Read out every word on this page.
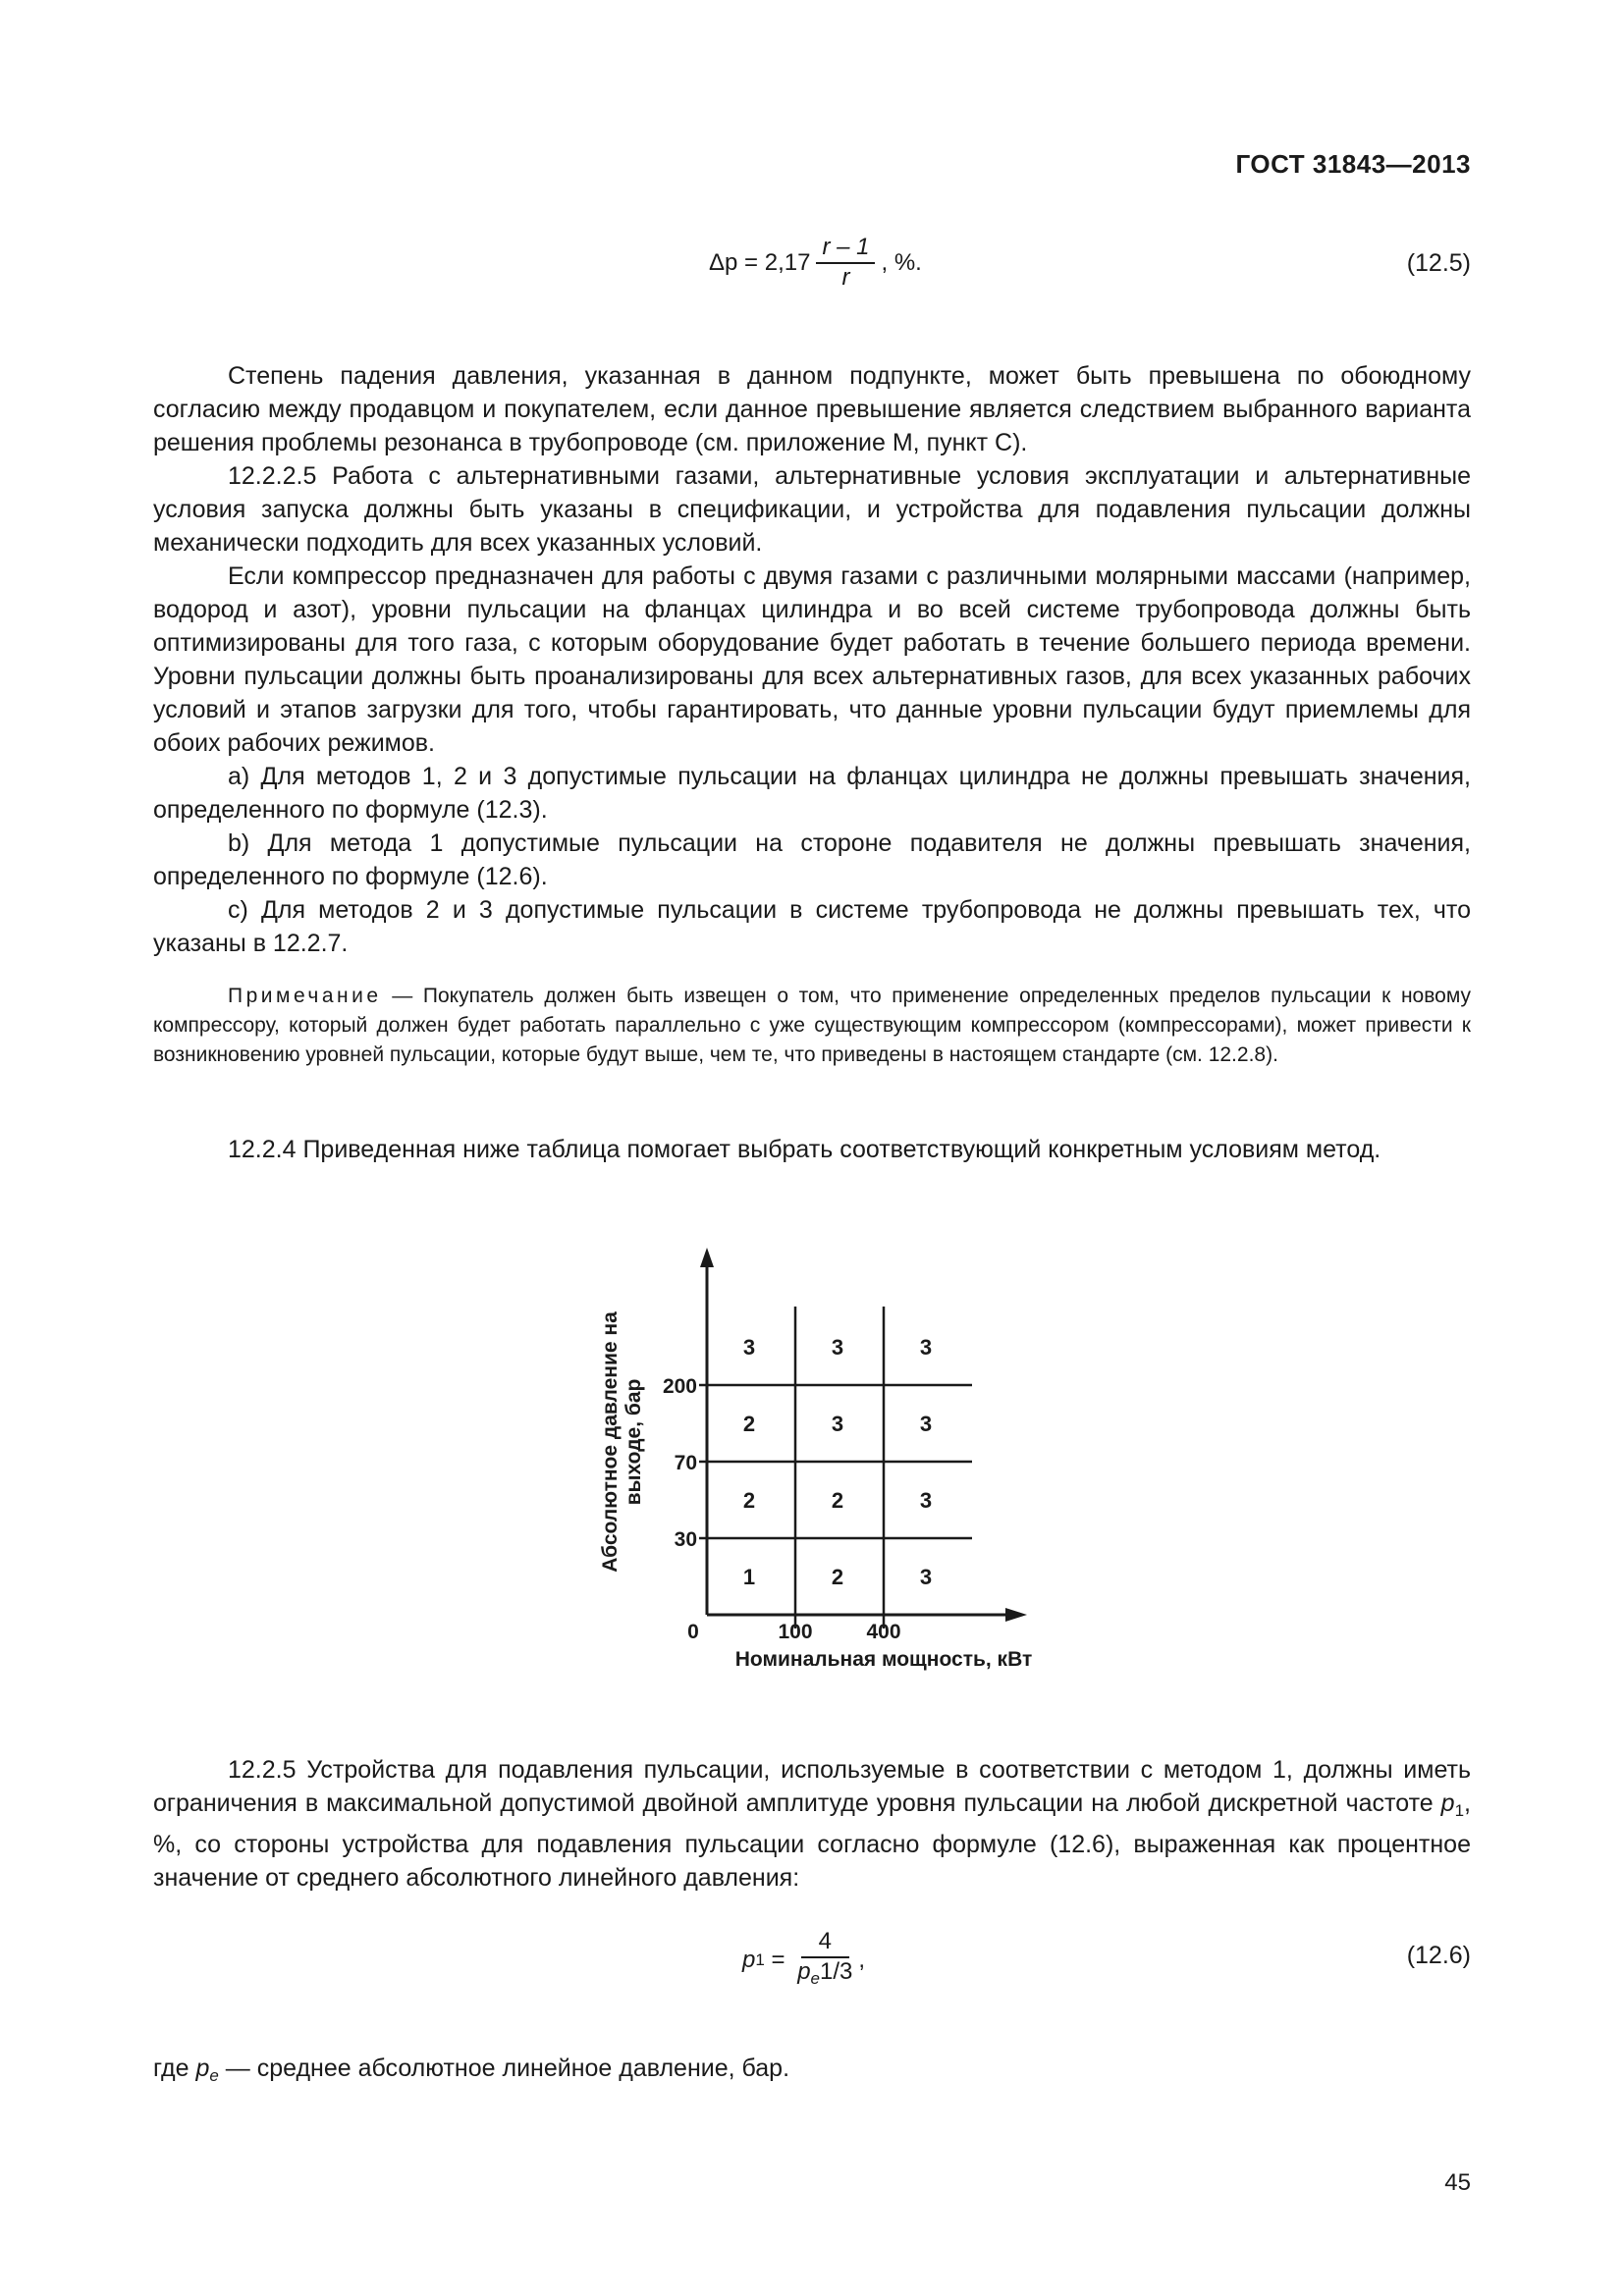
ГОСТ 31843—2013
$\Delta p = 2,17 \frac{r - 1}{r}$ , %.	(12.5)

Степень падения давления, указанная в данном подпункте, может быть превышена по обоюдному согласию между продавцом и покупателем, если данное превышение является следствием выбранного варианта решения проблемы резонанса в трубопроводе (см. приложение М, пункт С).

12.2.2.5 Работа с альтернативными газами, альтернативные условия эксплуатации и альтернативные условия запуска должны быть указаны в спецификации, и устройства для подавления пульсации должны механически подходить для всех указанных условий.

Если компрессор предназначен для работы с двумя газами с различными молярными массами (например, водород и азот), уровни пульсации на фланцах цилиндра и во всей системе трубопровода должны быть оптимизированы для того газа, с которым оборудование будет работать в течение большего периода времени. Уровни пульсации должны быть проанализированы для всех альтернативных газов, для всех указанных рабочих условий и этапов загрузки для того, чтобы гарантировать, что данные уровни пульсации будут приемлемы для обоих рабочих режимов.

a) Для методов 1, 2 и 3 допустимые пульсации на фланцах цилиндра не должны превышать значения, определенного по формуле (12.3).

b) Для метода 1 допустимые пульсации на стороне подавителя не должны превышать значения, определенного по формуле (12.6).

c) Для методов 2 и 3 допустимые пульсации в системе трубопровода не должны превышать тех, что указаны в 12.2.7.

Примечание — Покупатель должен быть извещен о том, что применение определенных пределов пульсации к новому компрессору, который должен будет работать параллельно с уже существующим компрессором (компрессорами), может привести к возникновению уровней пульсации, которые будут выше, чем те, что приведены в настоящем стандарте (см. 12.2.8).

12.2.4 Приведенная ниже таблица помогает выбрать соответствующий конкретным условиям метод.

3	3	3
2	3	3
2	2	3
1	2	3
30
70
200
0	100	400
Номинальная мощность, кВт
Абсолютное давление на выходе, бар

12.2.5 Устройства для подавления пульсации, используемые в соответствии с методом 1, должны иметь ограничения в максимальной допустимой двойной амплитуде уровня пульсации на любой дискретной частоте $p_1$, %, со стороны устройства для подавления пульсации согласно формуле (12.6), выраженная как процентное значение от среднего абсолютного линейного давления:

p $1 = \frac{4}{p_e1/3}$ ,	(12.6)
где $p_e$ — среднее абсолютное линейное давление, бар.
45
